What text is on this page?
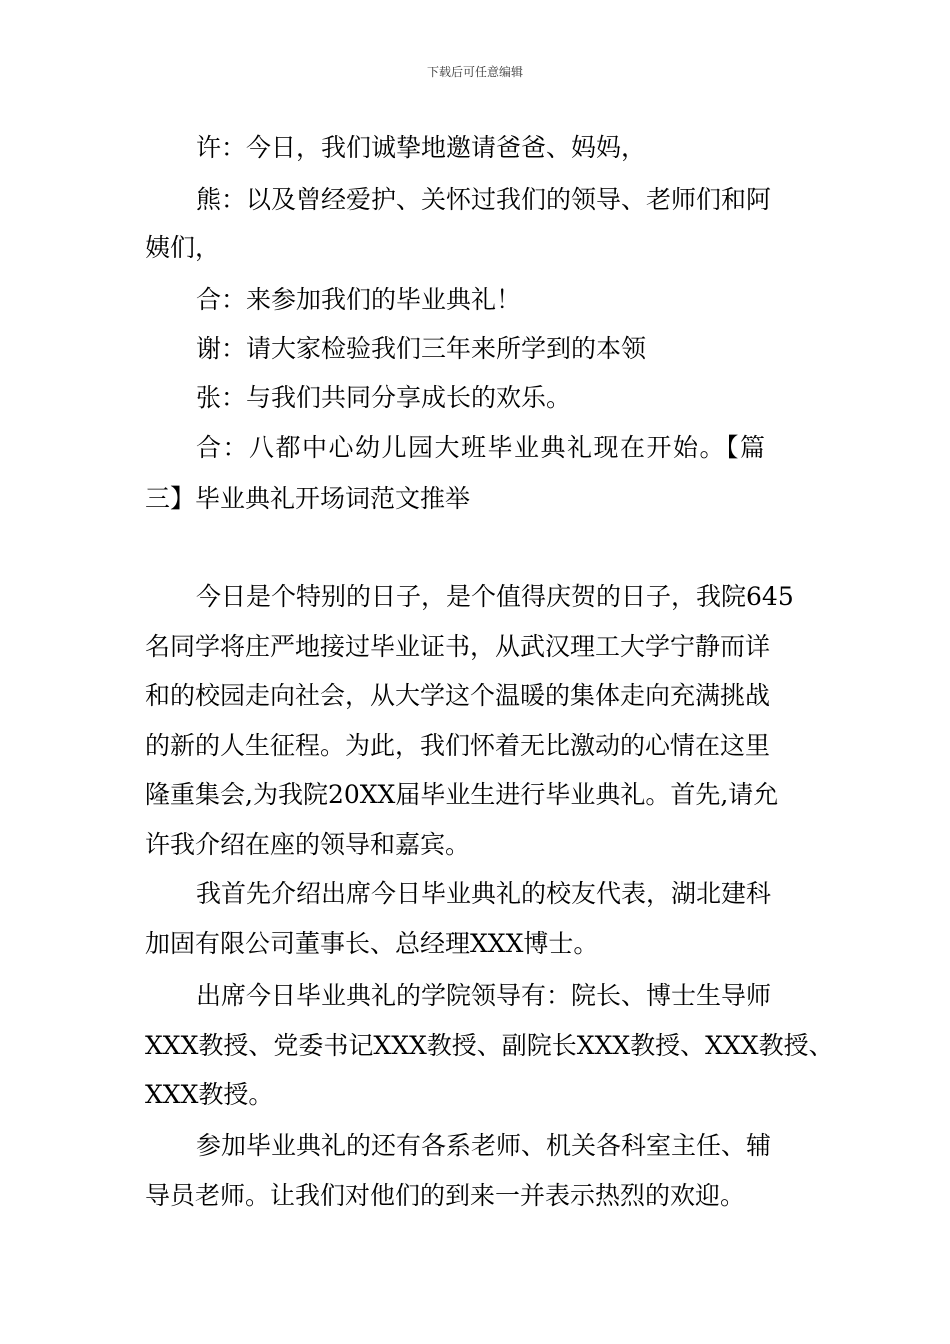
下载后可任意编辑
许：今日，我们诚挚地邀请爸爸、妈妈，
熊：以及曾经爱护、关怀过我们的领导、老师们和阿
姨们，
合：来参加我们的毕业典礼！
谢：请大家检验我们三年来所学到的本领
张：与我们共同分享成长的欢乐。
合：八都中心幼儿园大班毕业典礼现在开始。【篇
三】毕业典礼开场词范文推举
今日是个特别的日子，是个值得庆贺的日子，我院645
名同学将庄严地接过毕业证书，从武汉理工大学宁静而详
和的校园走向社会，从大学这个温暖的集体走向充满挑战
的新的人生征程。为此，我们怀着无比激动的心情在这里
隆重集会,为我院20XX届毕业生进行毕业典礼。首先,请允
许我介绍在座的领导和嘉宾。
我首先介绍出席今日毕业典礼的校友代表，湖北建科
加固有限公司董事长、总经理XXX博士。
出席今日毕业典礼的学院领导有：院长、博士生导师
XXX教授、党委书记XXX教授、副院长XXX教授、XXX教授、
XXX教授。
参加毕业典礼的还有各系老师、机关各科室主任、辅
导员老师。让我们对他们的到来一并表示热烈的欢迎。
